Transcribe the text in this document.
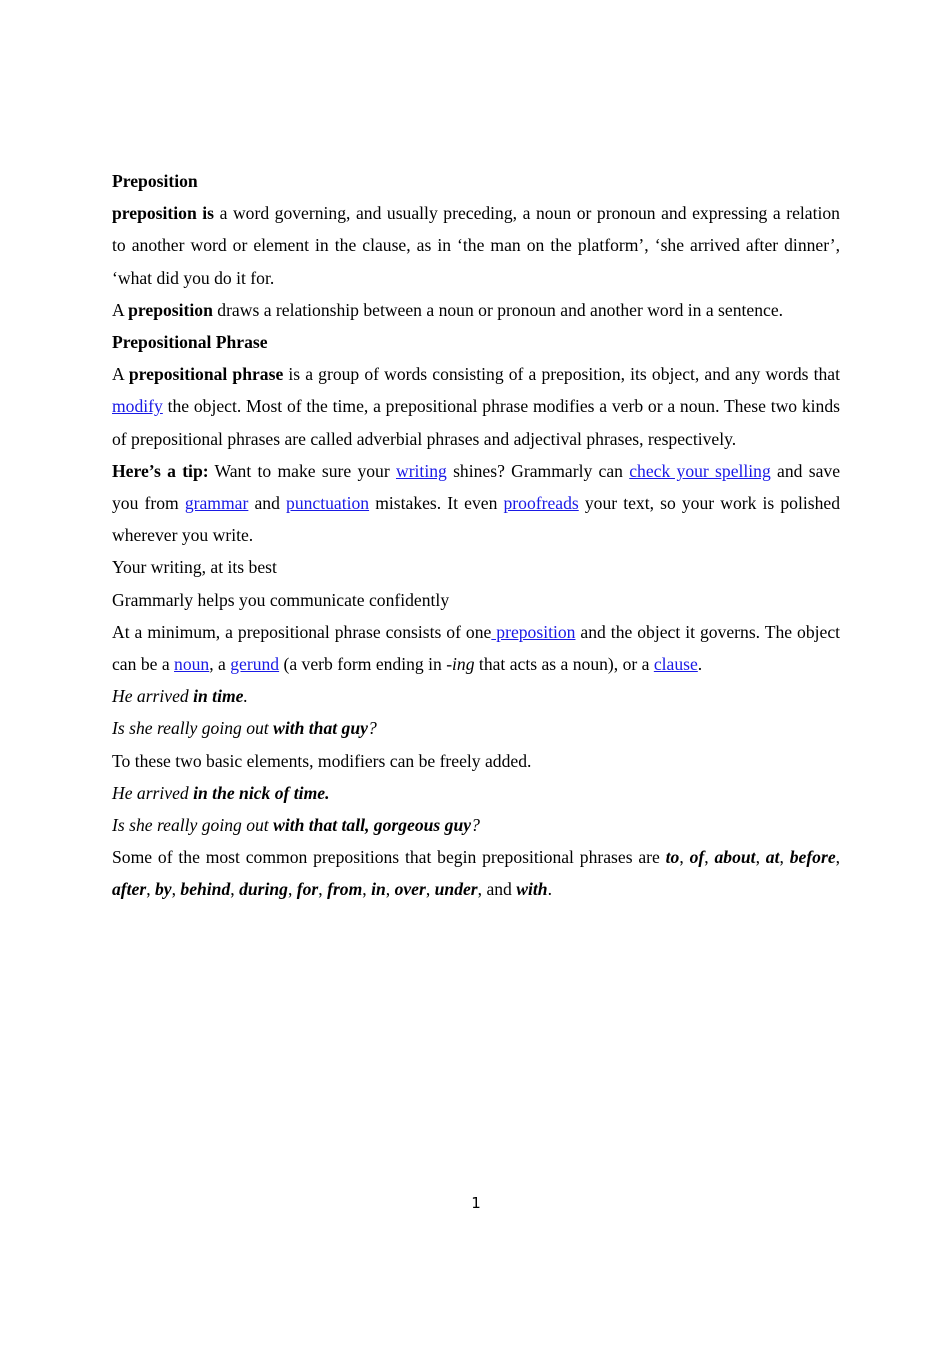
Preposition

preposition is a word governing, and usually preceding, a noun or pronoun and expressing a relation to another word or element in the clause, as in ‘the man on the platform’, ‘she arrived after dinner’, ‘what did you do it for.

A preposition draws a relationship between a noun or pronoun and another word in a sentence.

Prepositional Phrase

A prepositional phrase is a group of words consisting of a preposition, its object, and any words that modify the object. Most of the time, a prepositional phrase modifies a verb or a noun. These two kinds of prepositional phrases are called adverbial phrases and adjectival phrases, respectively.

Here’s a tip: Want to make sure your writing shines? Grammarly can check your spelling and save you from grammar and punctuation mistakes. It even proofreads your text, so your work is polished wherever you write.

Your writing, at its best

Grammarly helps you communicate confidently

At a minimum, a prepositional phrase consists of one preposition and the object it governs. The object can be a noun, a gerund (a verb form ending in -ing that acts as a noun), or a clause.

He arrived in time.

Is she really going out with that guy?

To these two basic elements, modifiers can be freely added.

He arrived in the nick of time.

Is she really going out with that tall, gorgeous guy?

Some of the most common prepositions that begin prepositional phrases are to, of, about, at, before, after, by, behind, during, for, from, in, over, under, and with.

1
